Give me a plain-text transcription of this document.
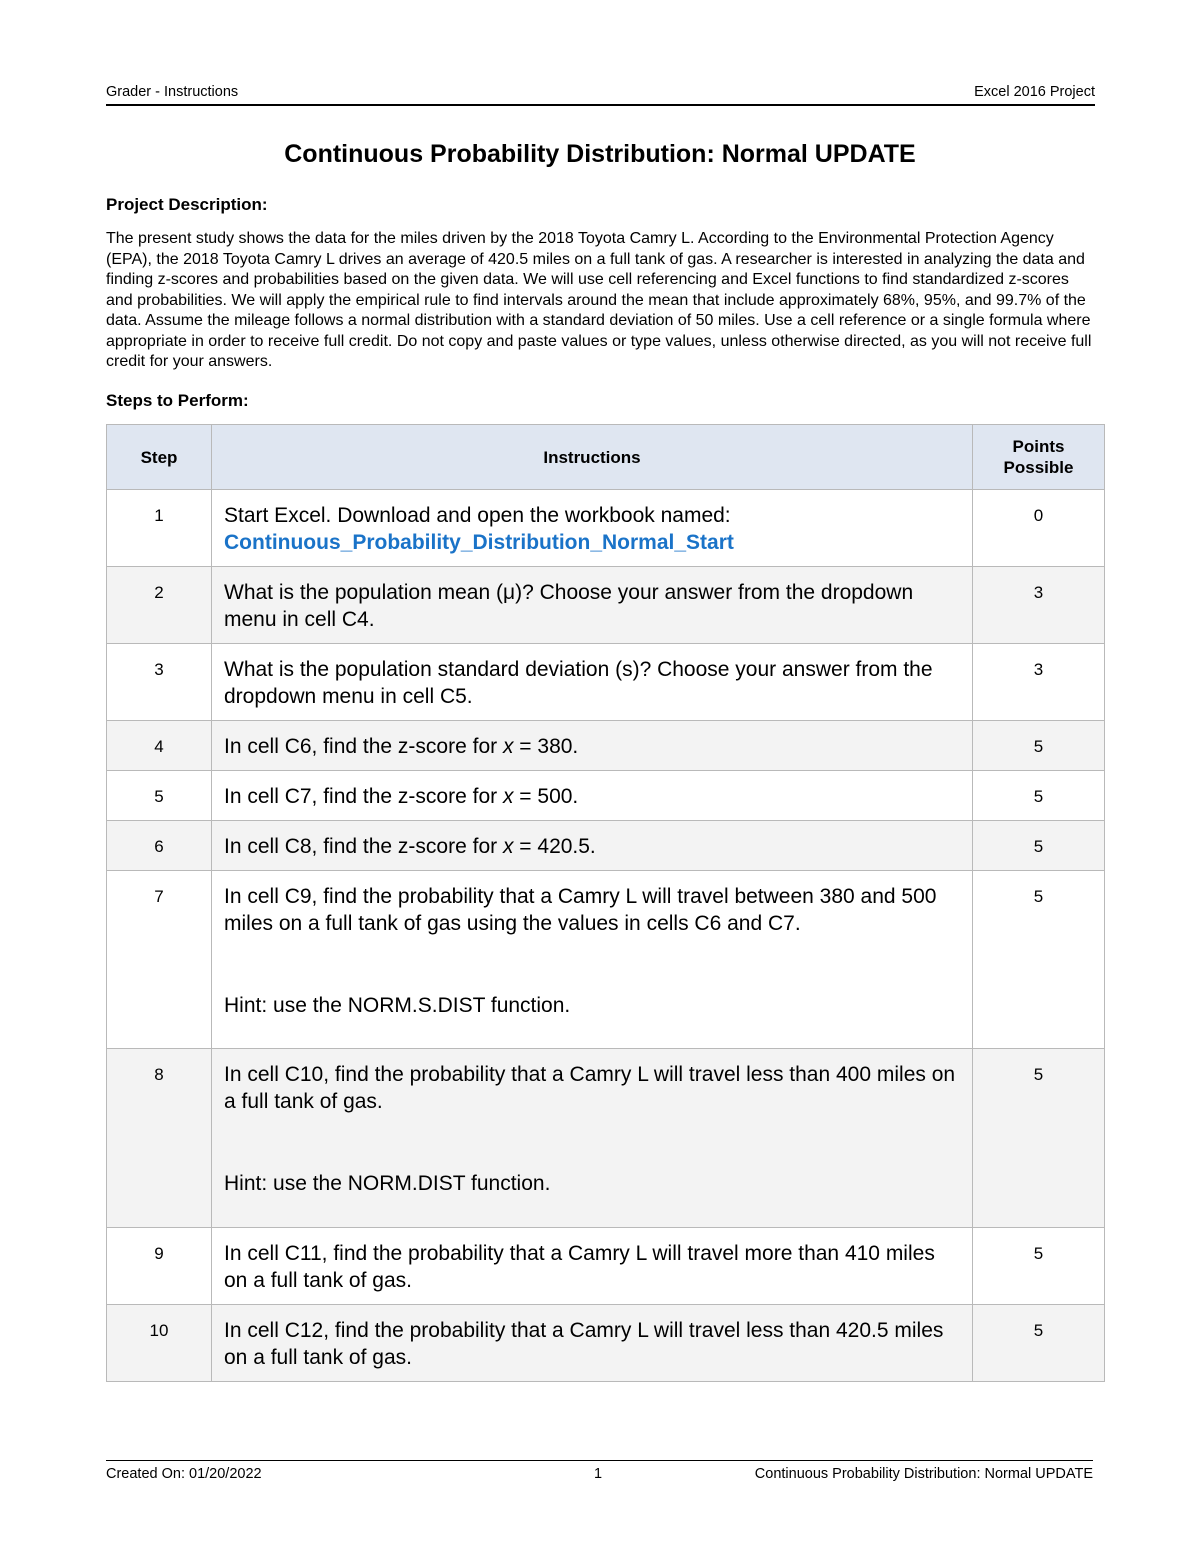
Grader - Instructions	Excel 2016 Project
Continuous Probability Distribution: Normal UPDATE
Project Description:
The present study shows the data for the miles driven by the 2018 Toyota Camry L. According to the Environmental Protection Agency (EPA), the 2018 Toyota Camry L drives an average of 420.5 miles on a full tank of gas. A researcher is interested in analyzing the data and finding z-scores and probabilities based on the given data. We will use cell referencing and Excel functions to find standardized z-scores and probabilities. We will apply the empirical rule to find intervals around the mean that include approximately 68%, 95%, and 99.7% of the data. Assume the mileage follows a normal distribution with a standard deviation of 50 miles. Use a cell reference or a single formula where appropriate in order to receive full credit. Do not copy and paste values or type values, unless otherwise directed, as you will not receive full credit for your answers.
Steps to Perform:
Step	Instructions	Points Possible
1	Start Excel. Download and open the workbook named:
Continuous_Probability_Distribution_Normal_Start	0
2	What is the population mean (μ)? Choose your answer from the dropdown menu in cell C4.	3
3	What is the population standard deviation (s)? Choose your answer from the dropdown menu in cell C5.	3
4	In cell C6, find the z-score for x = 380.	5
5	In cell C7, find the z-score for x = 500.	5
6	In cell C8, find the z-score for x = 420.5.	5
7	In cell C9, find the probability that a Camry L will travel between 380 and 500 miles on a full tank of gas using the values in cells C6 and C7.
Hint: use the NORM.S.DIST function.	5
8	In cell C10, find the probability that a Camry L will travel less than 400 miles on a full tank of gas.
Hint: use the NORM.DIST function.	5
9	In cell C11, find the probability that a Camry L will travel more than 410 miles on a full tank of gas.	5
10	In cell C12, find the probability that a Camry L will travel less than 420.5 miles on a full tank of gas.	5
Created On: 01/20/2022	1	Continuous Probability Distribution: Normal UPDATE
